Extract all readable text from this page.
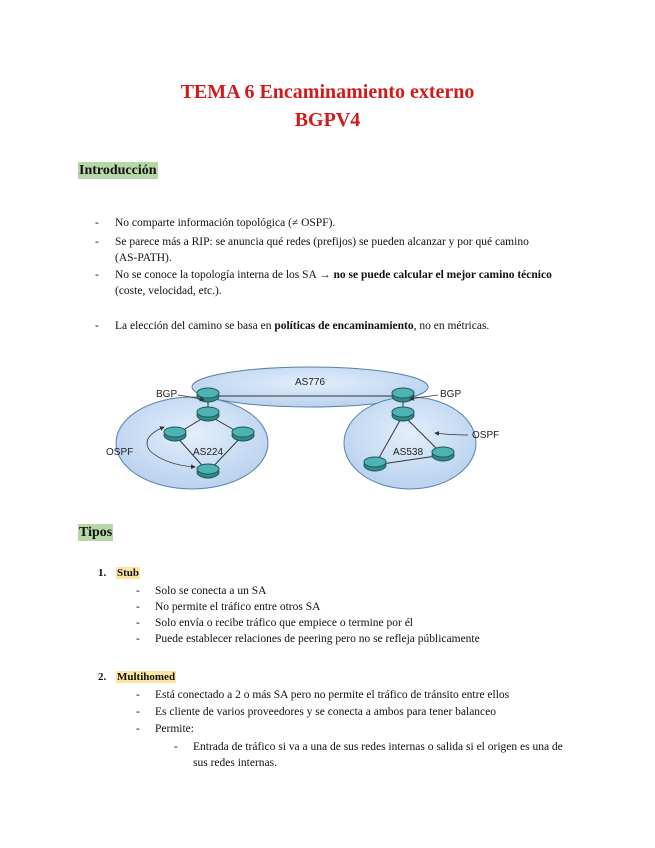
TEMA 6 Encaminamiento externo
BGPV4
Introducción
- No comparte información topológica (≠ OSPF).
- Se parece más a RIP: se anuncia qué redes (prefijos) se pueden alcanzar y por qué camino
(AS-PATH).
- No se conoce la topología interna de los SA → no se puede calcular el mejor camino técnico
(coste, velocidad, etc.).
- La elección del camino se basa en políticas de encaminamiento, no en métricas.
AS776
AS224	AS538
BGP	BGP
OSPF
OSPF
Tipos
1. Stub
- Solo se conecta a un SA
- No permite el tráfico entre otros SA
- Solo envía o recibe tráfico que empiece o termine por él
- Puede establecer relaciones de peering pero no se refleja públicamente
2. Multihomed
- Está conectado a 2 o más SA pero no permite el tráfico de tránsito entre ellos
- Es cliente de varios proveedores y se conecta a ambos para tener balanceo
- Permite:
- Entrada de tráfico si va a una de sus redes internas o salida si el origen es una de
sus redes internas.
